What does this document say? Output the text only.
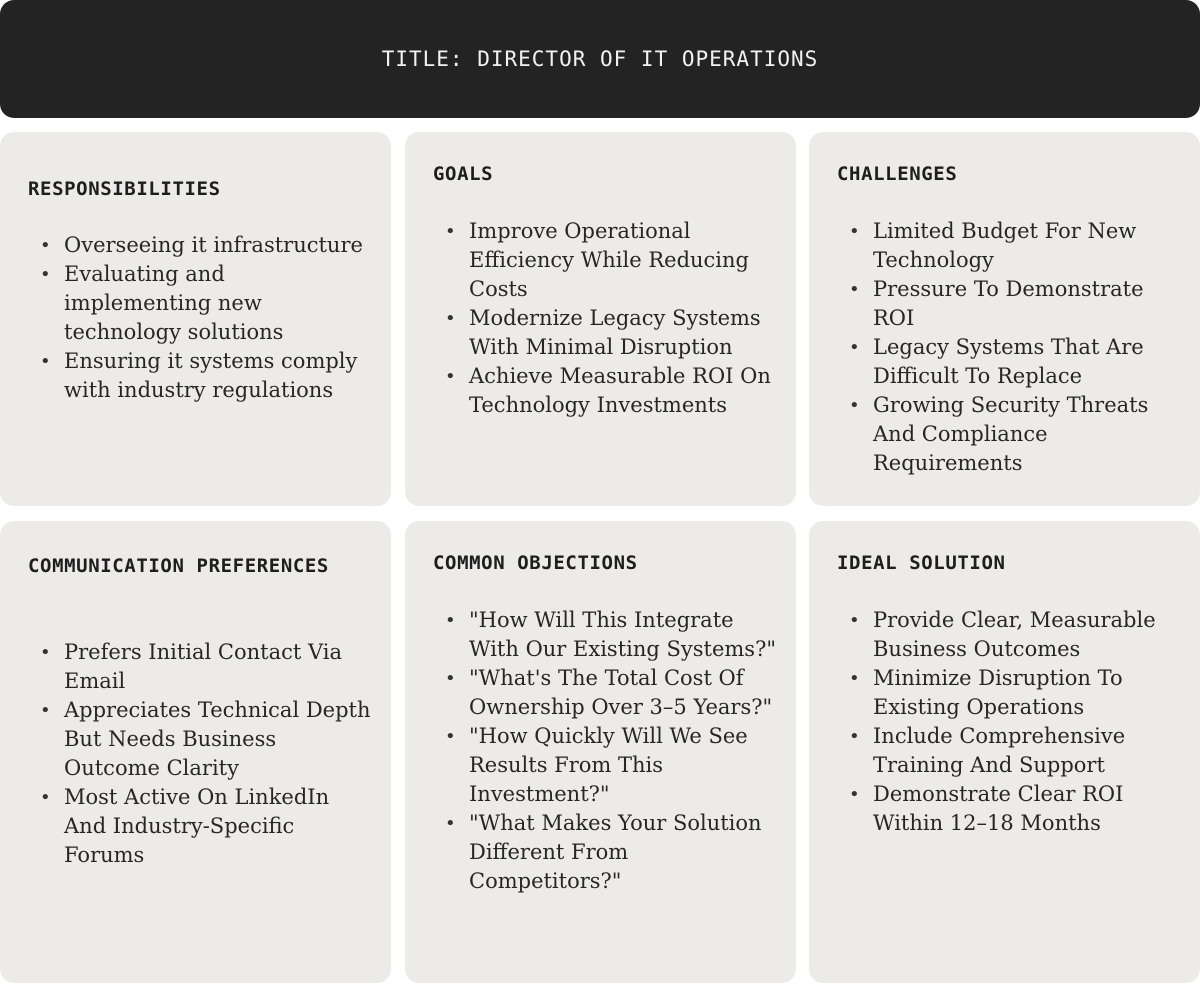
TITLE: DIRECTOR OF IT OPERATIONS
RESPONSIBILITIES
• Overseeing it infrastructure
• Evaluating and implementing new technology solutions
• Ensuring it systems comply with industry regulations
GOALS
• Improve Operational Efficiency While Reducing Costs
• Modernize Legacy Systems With Minimal Disruption
• Achieve Measurable ROI On Technology Investments
CHALLENGES
• Limited Budget For New Technology
• Pressure To Demonstrate ROI
• Legacy Systems That Are Difficult To Replace
• Growing Security Threats And Compliance Requirements
COMMUNICATION PREFERENCES
• Prefers Initial Contact Via Email
• Appreciates Technical Depth But Needs Business Outcome Clarity
• Most Active On LinkedIn And Industry-Specific Forums
COMMON OBJECTIONS
• "How Will This Integrate With Our Existing Systems?"
• "What's The Total Cost Of Ownership Over 3–5 Years?"
• "How Quickly Will We See Results From This Investment?"
• "What Makes Your Solution Different From Competitors?"
IDEAL SOLUTION
• Provide Clear, Measurable Business Outcomes
• Minimize Disruption To Existing Operations
• Include Comprehensive Training And Support
• Demonstrate Clear ROI Within 12–18 Months
